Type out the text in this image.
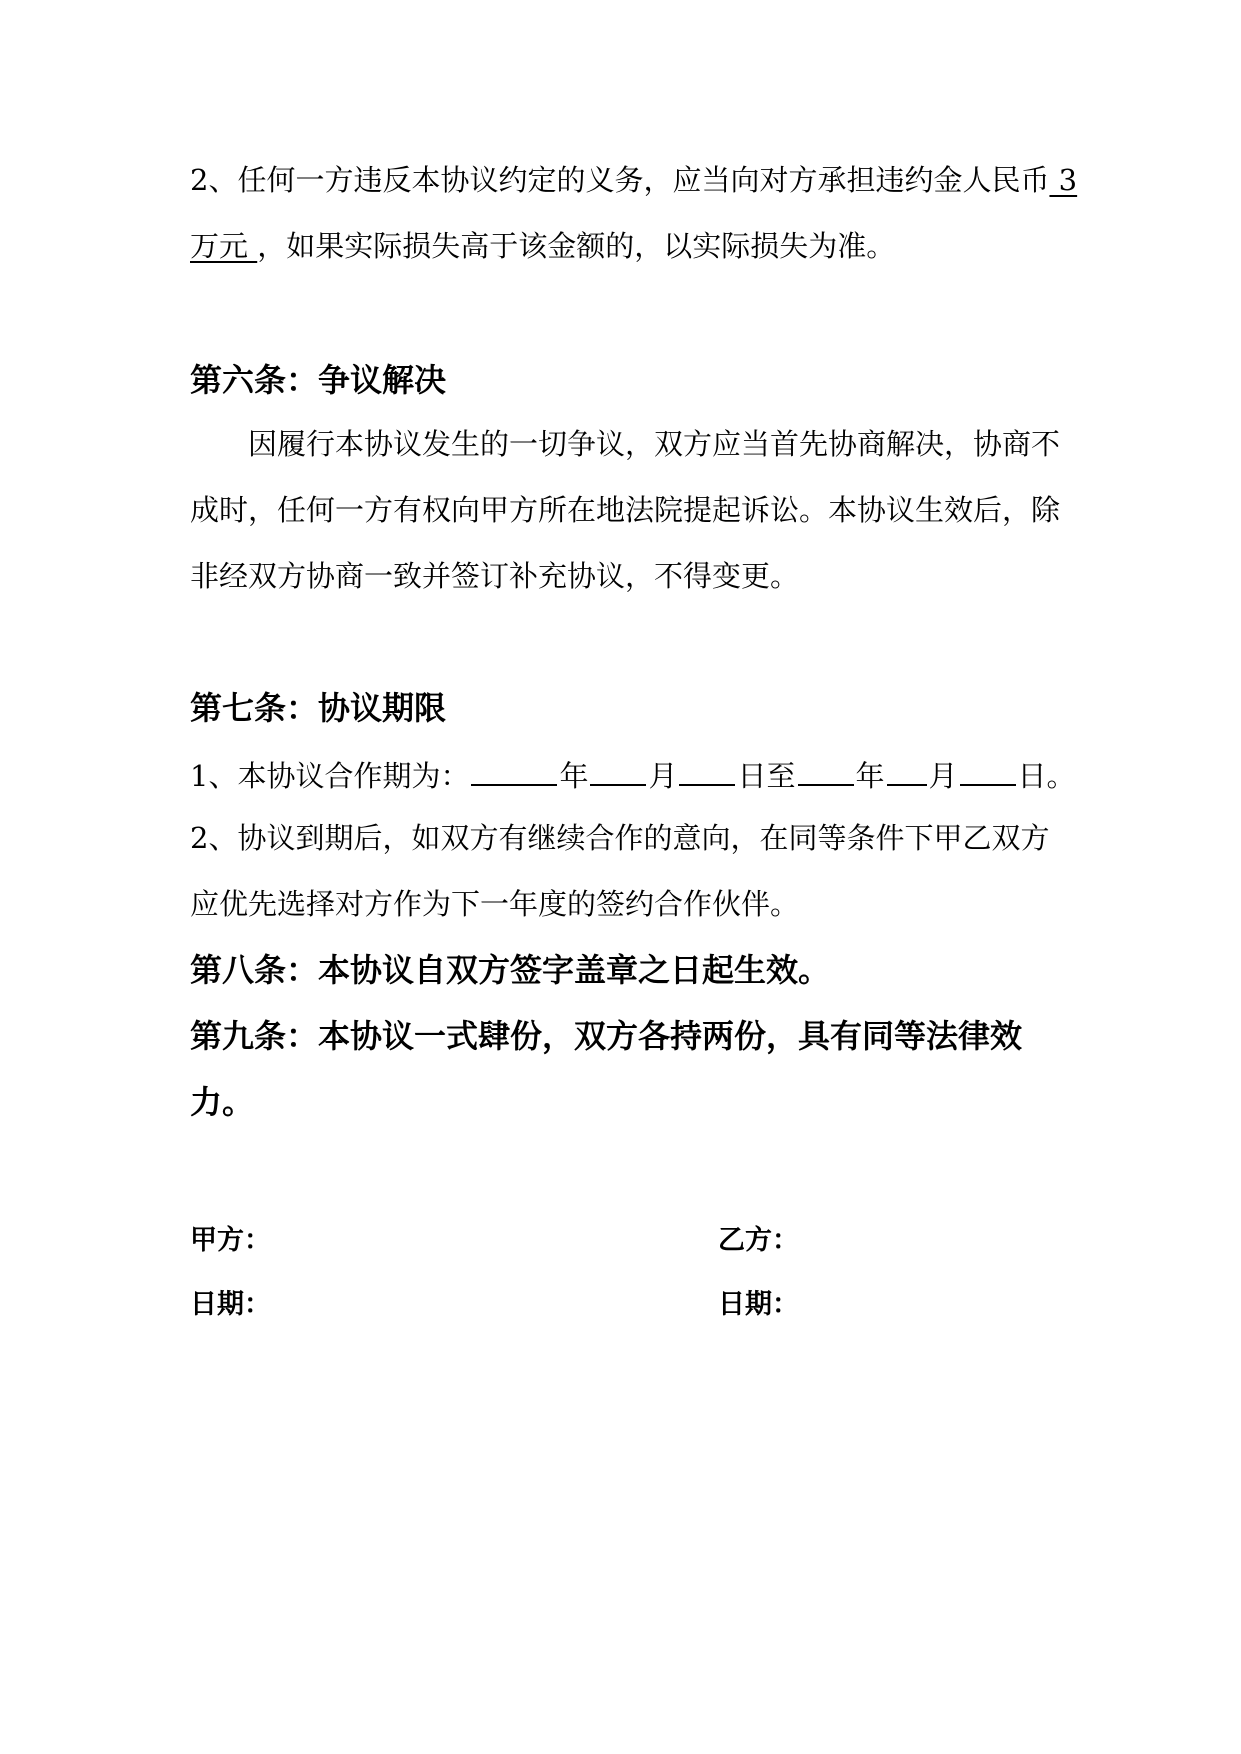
2、任何一方违反本协议约定的义务，应当向对方承担违约金人民币 3
万元 ，如果实际损失高于该金额的，以实际损失为准。
第六条：争议解决
因履行本协议发生的一切争议，双方应当首先协商解决，协商不
成时，任何一方有权向甲方所在地法院提起诉讼。本协议生效后，除
非经双方协商一致并签订补充协议，不得变更。
第七条：协议期限
1、本协议合作期为：	年 月 日至 年 月 日。
2、协议到期后，如双方有继续合作的意向，在同等条件下甲乙双方
应优先选择对方作为下一年度的签约合作伙伴。
第八条：本协议自双方签字盖章之日起生效。
第九条：本协议一式肆份，双方各持两份，具有同等法律效
力。
甲方：	乙方：
日期：	日期：
